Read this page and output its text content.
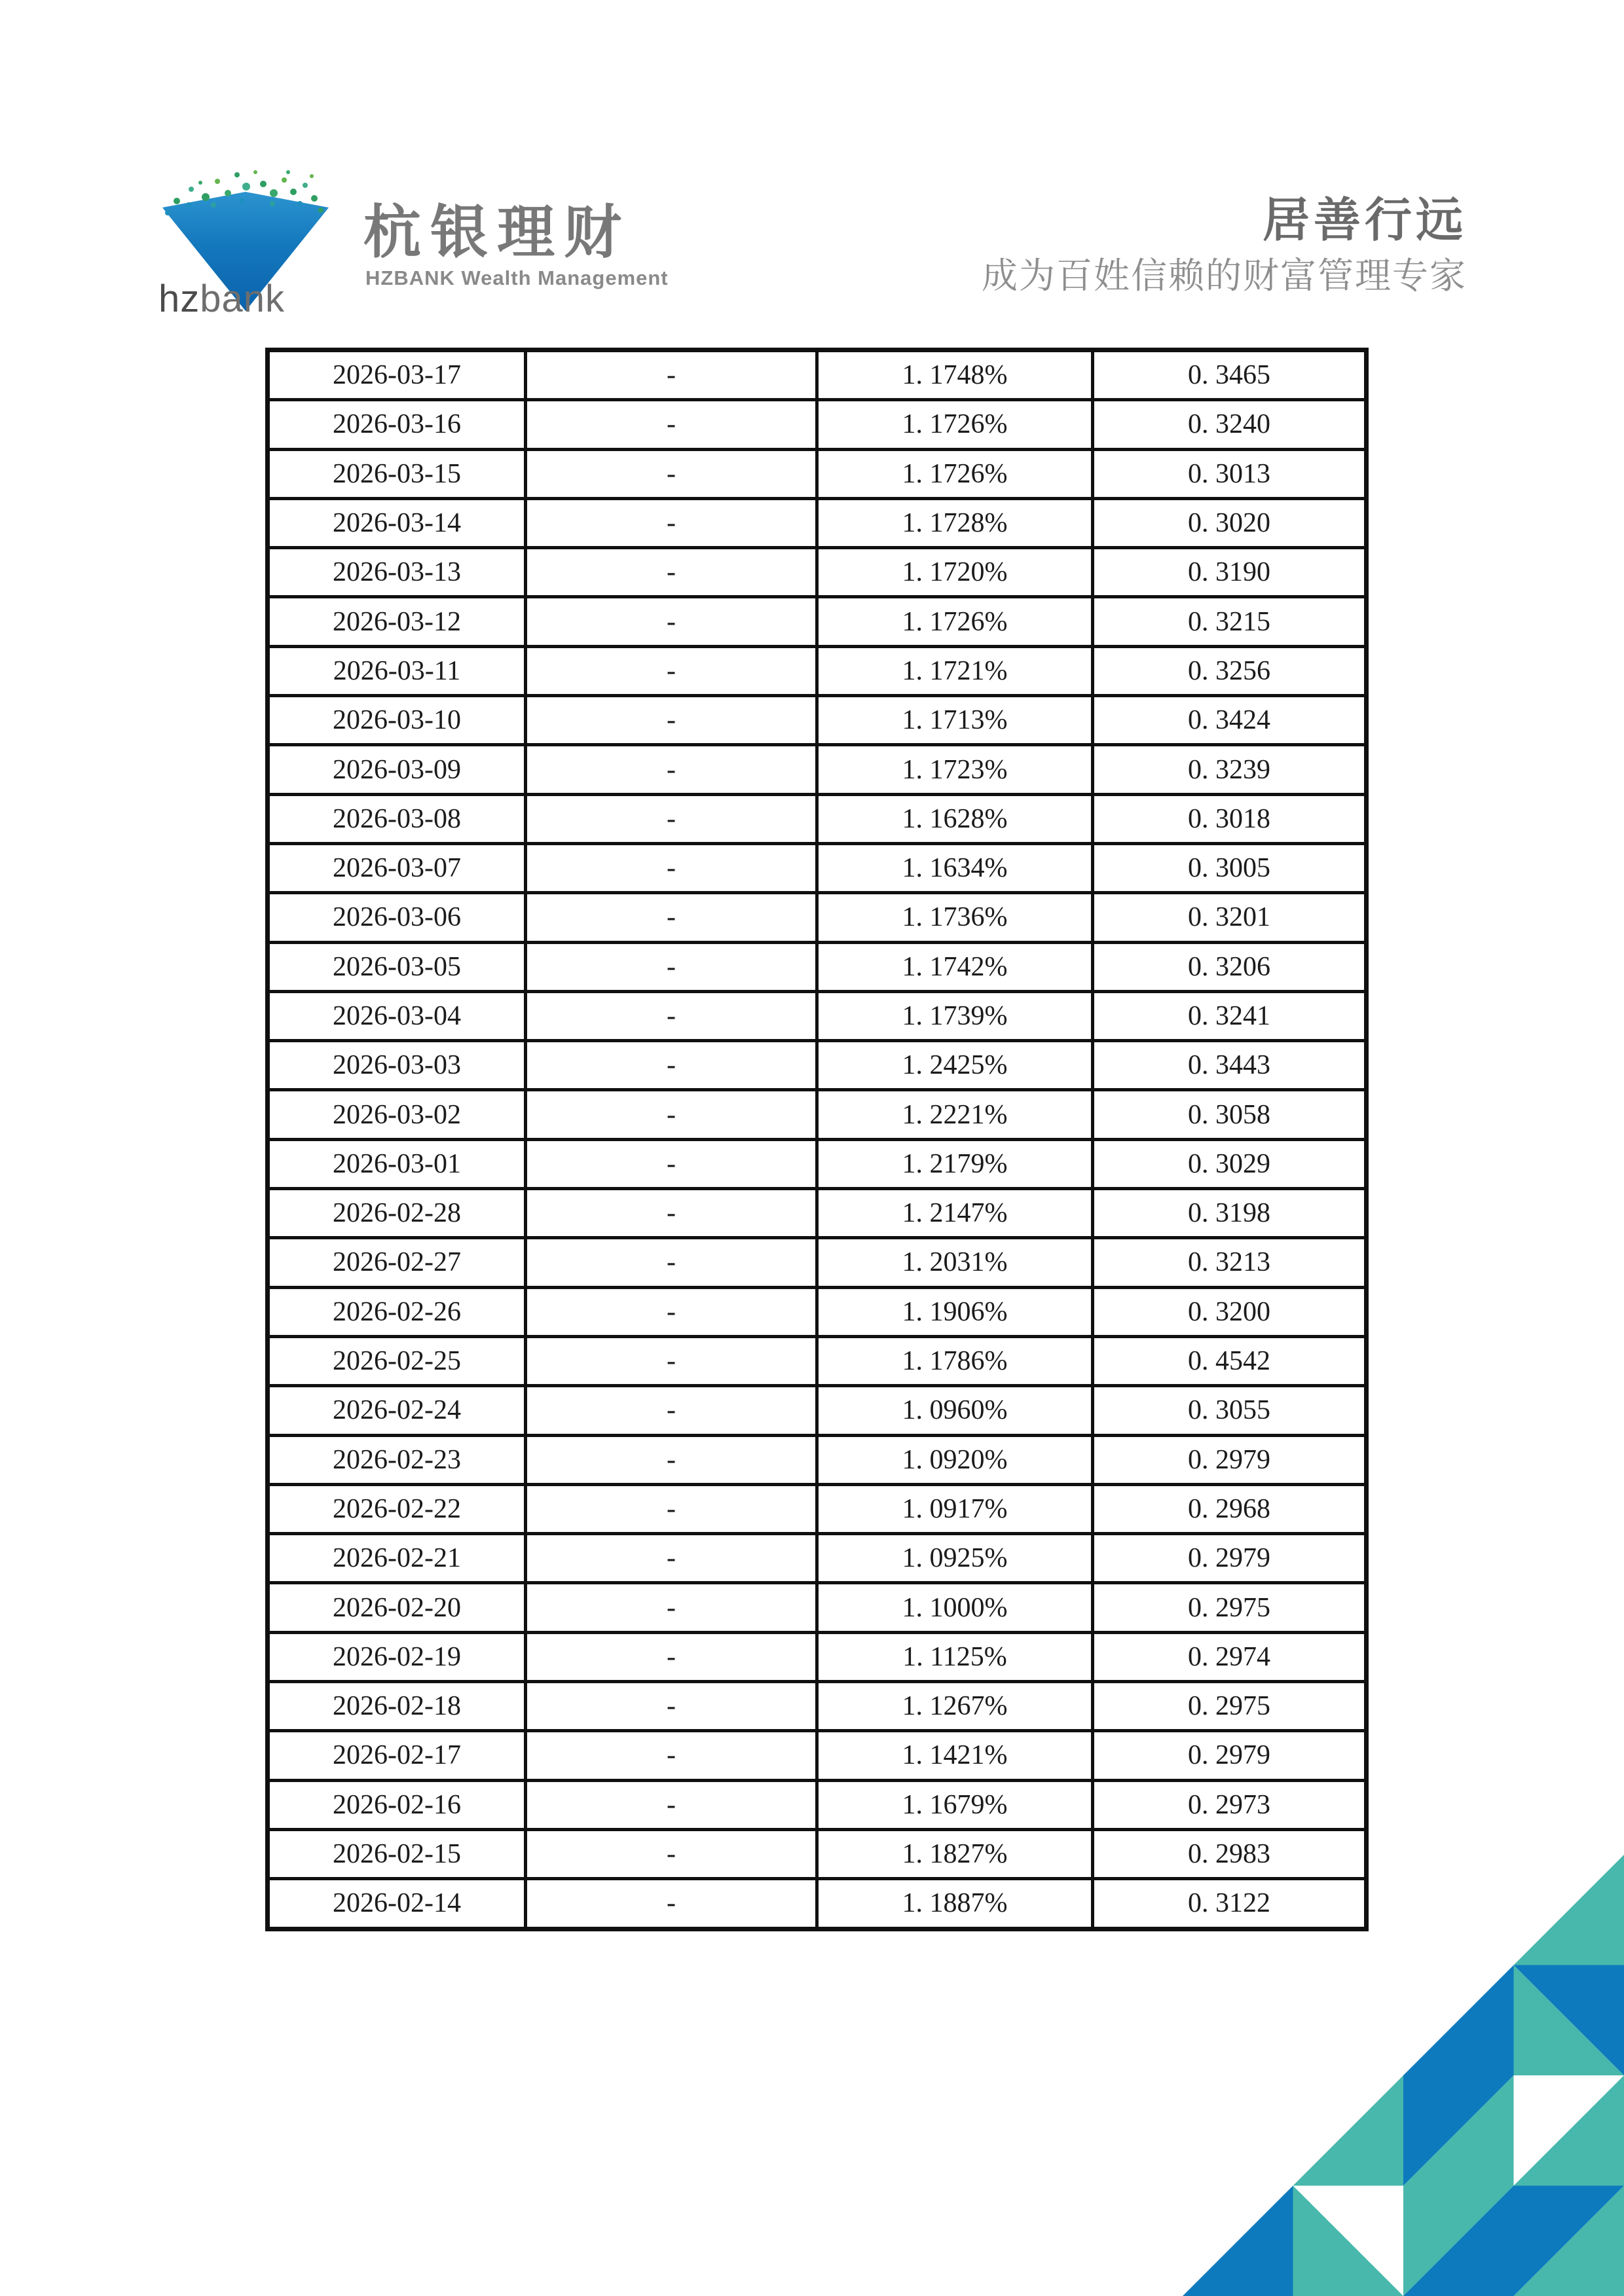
hzbank
杭银理财
HZBANK Wealth Management
居善行远
成为百姓信赖的财富管理专家
2026-03-17	-	1. 1748%	0. 3465
2026-03-16	-	1. 1726%	0. 3240
2026-03-15	-	1. 1726%	0. 3013
2026-03-14	-	1. 1728%	0. 3020
2026-03-13	-	1. 1720%	0. 3190
2026-03-12	-	1. 1726%	0. 3215
2026-03-11	-	1. 1721%	0. 3256
2026-03-10	-	1. 1713%	0. 3424
2026-03-09	-	1. 1723%	0. 3239
2026-03-08	-	1. 1628%	0. 3018
2026-03-07	-	1. 1634%	0. 3005
2026-03-06	-	1. 1736%	0. 3201
2026-03-05	-	1. 1742%	0. 3206
2026-03-04	-	1. 1739%	0. 3241
2026-03-03	-	1. 2425%	0. 3443
2026-03-02	-	1. 2221%	0. 3058
2026-03-01	-	1. 2179%	0. 3029
2026-02-28	-	1. 2147%	0. 3198
2026-02-27	-	1. 2031%	0. 3213
2026-02-26	-	1. 1906%	0. 3200
2026-02-25	-	1. 1786%	0. 4542
2026-02-24	-	1. 0960%	0. 3055
2026-02-23	-	1. 0920%	0. 2979
2026-02-22	-	1. 0917%	0. 2968
2026-02-21	-	1. 0925%	0. 2979
2026-02-20	-	1. 1000%	0. 2975
2026-02-19	-	1. 1125%	0. 2974
2026-02-18	-	1. 1267%	0. 2975
2026-02-17	-	1. 1421%	0. 2979
2026-02-16	-	1. 1679%	0. 2973
2026-02-15	-	1. 1827%	0. 2983
2026-02-14	-	1. 1887%	0. 3122
